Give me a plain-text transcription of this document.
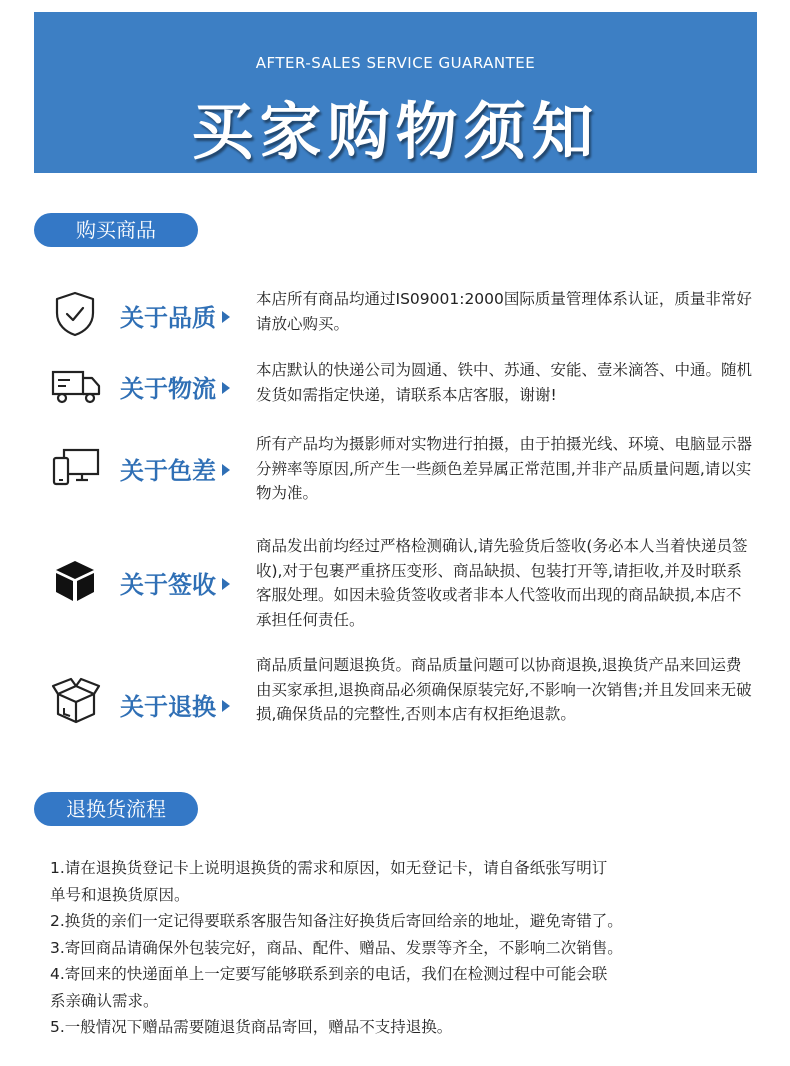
AFTER-SALES SERVICE GUARANTEE
买家购物须知
购买商品
关于品质
本店所有商品均通过IS09001:2000国际质量管理体系认证，质量非常好请放心购买。
关于物流
本店默认的快递公司为圆通、铁中、苏通、安能、壹米滴答、中通。随机发货如需指定快递，请联系本店客服，谢谢!
关于色差
所有产品均为摄影师对实物进行拍摄，由于拍摄光线、环境、电脑显示器分辨率等原因,所产生一些颜色差异属正常范围,并非产品质量问题,请以实物为准。
关于签收
商品发出前均经过严格检测确认,请先验货后签收(务必本人当着快递员签收),对于包裹严重挤压变形、商品缺损、包装打开等,请拒收,并及时联系客服处理。如因未验货签收或者非本人代签收而出现的商品缺损,本店不承担任何责任。
关于退换
商品质量问题退换货。商品质量问题可以协商退换,退换货产品来回运费由买家承担,退换商品必须确保原装完好,不影响一次销售;并且发回来无破损,确保货品的完整性,否则本店有权拒绝退款。
退换货流程

1.请在退换货登记卡上说明退换货的需求和原因，如无登记卡，请自备纸张写明订

单号和退换货原因。

2.换货的亲们一定记得要联系客服告知备注好换货后寄回给亲的地址，避免寄错了。

3.寄回商品请确保外包装完好，商品、配件、赠品、发票等齐全，不影响二次销售。

4.寄回来的快递面单上一定要写能够联系到亲的电话，我们在检测过程中可能会联

系亲确认需求。

5.一般情况下赠品需要随退货商品寄回，赠品不支持退换。
